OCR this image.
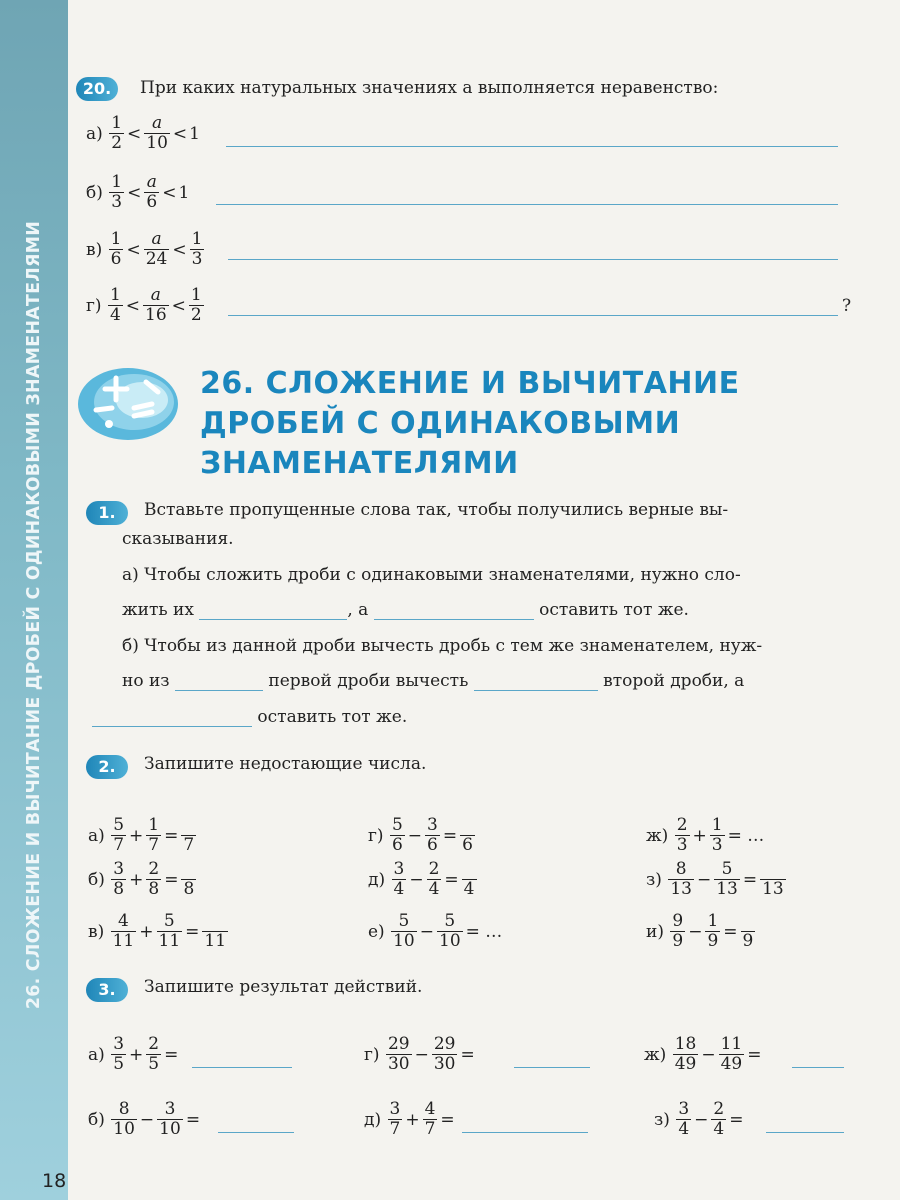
26. СЛОЖЕНИЕ И ВЫЧИТАНИЕ ДРОБЕЙ С ОДИНАКОВЫМИ ЗНАМЕНАТЕЛЯМИ
18
20.	При каких натуральных значениях a выполняется неравенство:
а)
$\frac{1}{2} < \frac{a}{10} < 1$
б)
$\frac{1}{3} < \frac{a}{6} < 1$
в)
$\frac{1}{6} < \frac{a}{24} < \frac{1}{3}$
г)
$\frac{1}{4} < \frac{a}{16} < \frac{1}{2}$	?
26. СЛОЖЕНИЕ И ВЫЧИТАНИЕ
ДРОБЕЙ С ОДИНАКОВЫМИ
ЗНАМЕНАТЕЛЯМИ
1.	Вставьте пропущенные слова так, чтобы получились верные вы-
сказывания.
а) Чтобы сложить дроби с одинаковыми знаменателями, нужно сло-
жить их	, а	оставить тот же.
б) Чтобы из данной дроби вычесть дробь с тем же знаменателем, нуж-
но из	первой дроби вычесть	второй дроби, а
оставить тот же.
2.	Запишите недостающие числа.
а)
$\frac{5}{7} + \frac{1}{7} = 7$
б)
$\frac{3}{8} + \frac{2}{8} = 8$
в)
$\frac{4}{11} + \frac{5}{11} = 11$
г)
$\frac{5}{6} - \frac{3}{6} = 6$
д)
$\frac{3}{4} - \frac{2}{4} = 4$
е)
$\frac{5}{10} - \frac{5}{10}$ = …
ж)
$\frac{2}{3} + \frac{1}{3}$ = …
з)
$\frac{8}{13} - \frac{5}{13} = 13$
и)
$\frac{9}{9} - \frac{1}{9} = 9$
3.	Запишите результат действий.
а)
$\frac{3}{5} + \frac{2}{5}$ =
б)
$\frac{8}{10} - \frac{3}{10}$ =
г)
$\frac{29}{30} - \frac{29}{30}$ =
д)
$\frac{3}{7} + \frac{4}{7}$ =
ж)
$\frac{18}{49} - \frac{11}{49}$ =
з)
$\frac{3}{4} - \frac{2}{4}$ =
